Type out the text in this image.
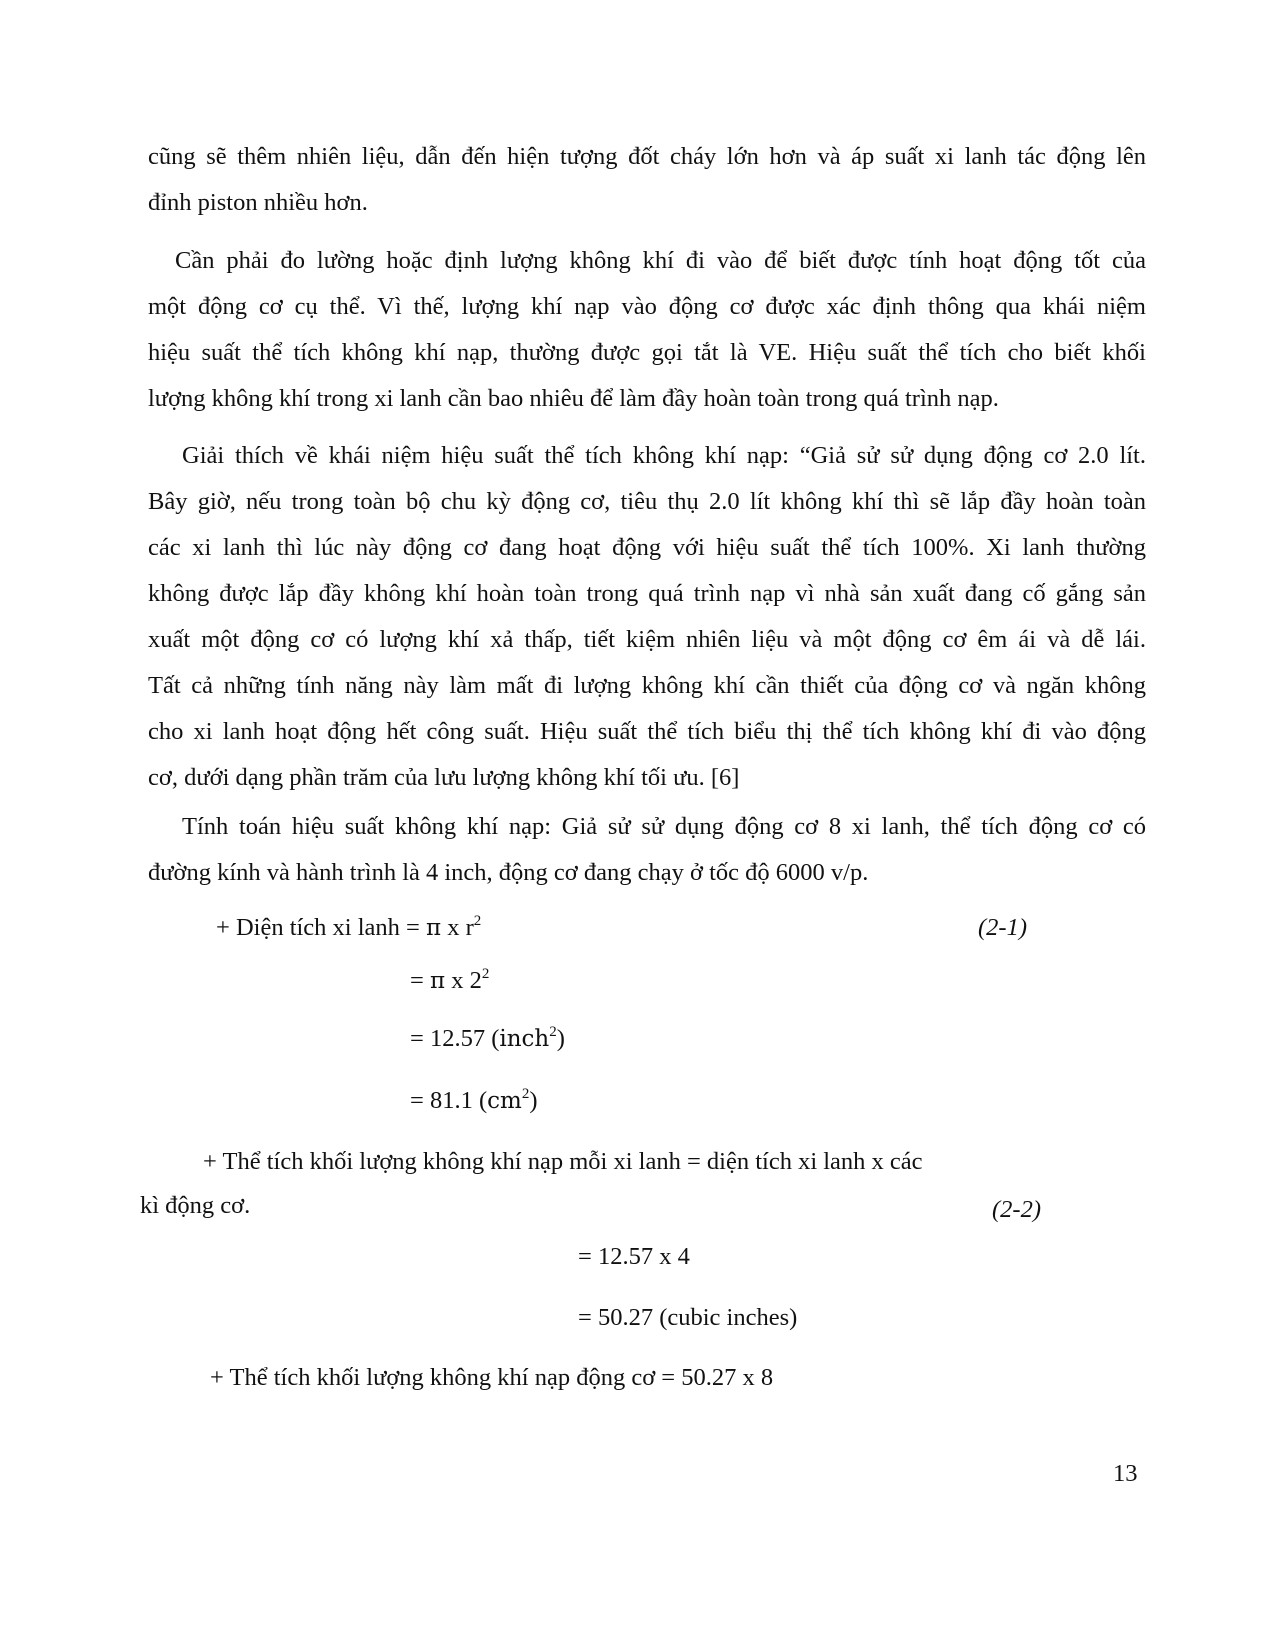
cũng sẽ thêm nhiên liệu, dẫn đến hiện tượng đốt cháy lớn hơn và áp suất xi lanh tác động lên
đỉnh piston nhiều hơn.
Cần phải đo lường hoặc định lượng không khí đi vào để biết được tính hoạt động tốt của
một động cơ cụ thể. Vì thế, lượng khí nạp vào động cơ được xác định thông qua khái niệm
hiệu suất thể tích không khí nạp, thường được gọi tắt là VE. Hiệu suất thể tích cho biết khối
lượng không khí trong xi lanh cần bao nhiêu để làm đầy hoàn toàn trong quá trình nạp.
Giải thích về khái niệm hiệu suất thể tích không khí nạp: “Giả sử sử dụng động cơ 2.0 lít.
Bây giờ, nếu trong toàn bộ chu kỳ động cơ, tiêu thụ 2.0 lít không khí thì sẽ lắp đầy hoàn toàn
các xi lanh thì lúc này động cơ đang hoạt động với hiệu suất thể tích 100%. Xi lanh thường
không được lắp đầy không khí hoàn toàn trong quá trình nạp vì nhà sản xuất đang cố gắng sản
xuất một động cơ có lượng khí xả thấp, tiết kiệm nhiên liệu và một động cơ êm ái và dễ lái.
Tất cả những tính năng này làm mất đi lượng không khí cần thiết của động cơ và ngăn không
cho xi lanh hoạt động hết công suất. Hiệu suất thể tích biểu thị thể tích không khí đi vào động
cơ, dưới dạng phần trăm của lưu lượng không khí tối ưu. [6]
Tính toán hiệu suất không khí nạp: Giả sử sử dụng động cơ 8 xi lanh, thể tích động cơ có
đường kính và hành trình là 4 inch, động cơ đang chạy ở tốc độ 6000 v/p.
+ Diện tích xi lanh = π x $r^2$	(2-1)
= π x $2^2$
= 12.57 (inch$^2$)
= 81.1 $(cm^2)$
+ Thể tích khối lượng không khí nạp mỗi xi lanh = diện tích xi lanh x các
kì động cơ.	(2-2)
= 12.57 x 4
= 50.27 (cubic inches)
+ Thể tích khối lượng không khí nạp động cơ = 50.27 x 8
13
